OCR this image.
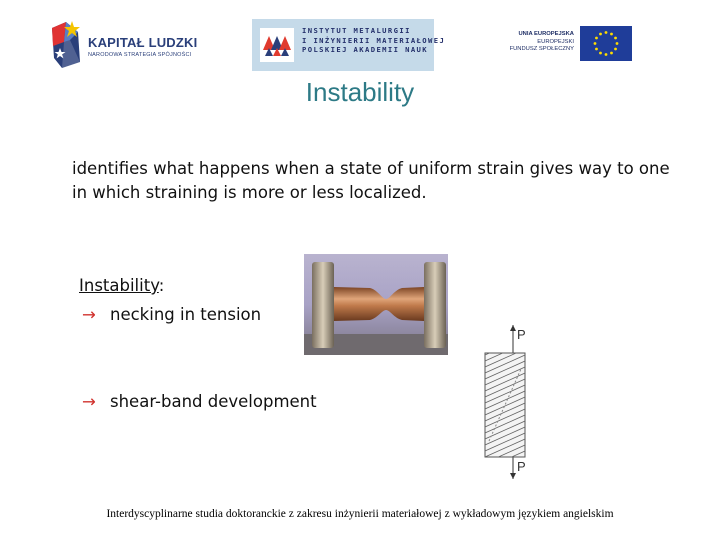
KAPITAŁ LUDZKI
NARODOWA STRATEGIA SPÓJNOŚCI
INSTYTUT METALURGII
I INŻYNIERII MATERIAŁOWEJ
POLSKIEJ AKADEMII NAUK
UNIA EUROPEJSKA
EUROPEJSKI
FUNDUSZ SPOŁECZNY
Instability
identifies what happens when a state of uniform strain gives way to one in which straining is more or less localized.
Instability:
→ necking in tension
→ shear-band development
P
P
Interdyscyplinarne studia doktoranckie z zakresu inżynierii materiałowej z wykładowym językiem angielskim
